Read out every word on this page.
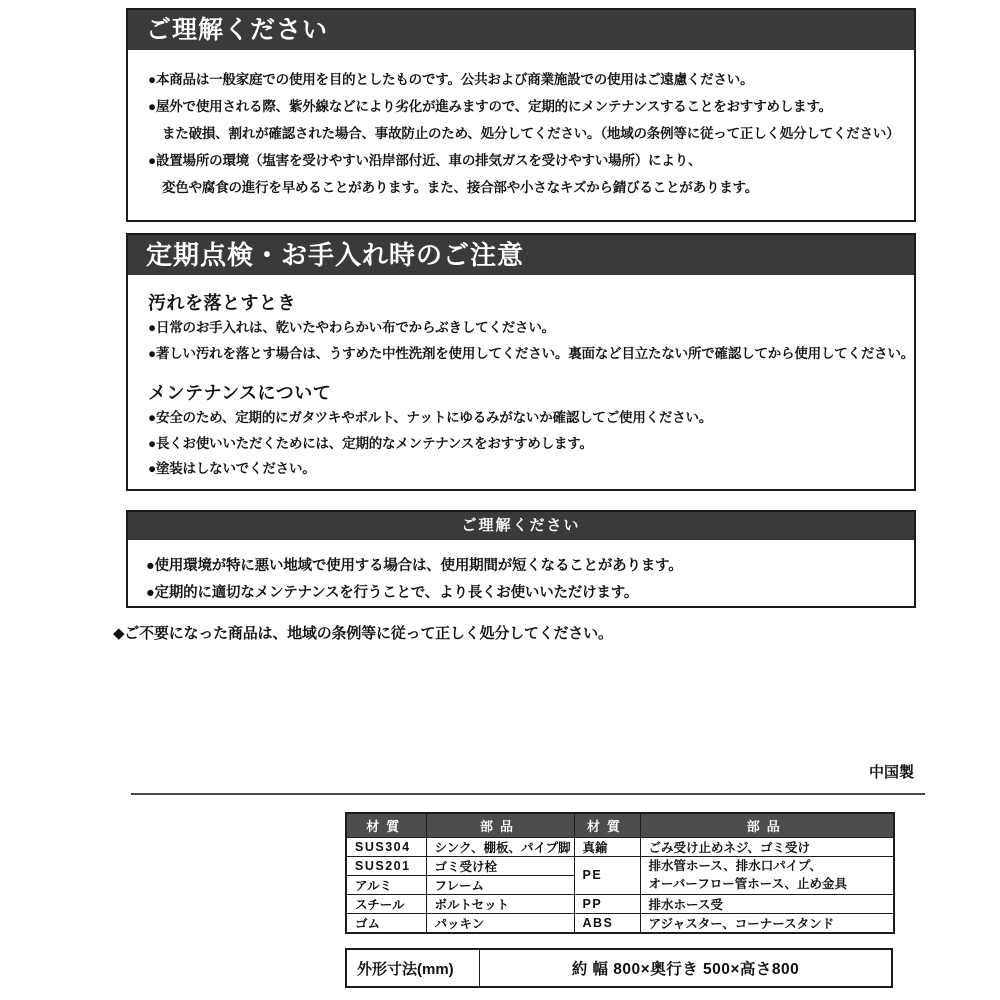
ご理解ください
●本商品は一般家庭での使用を目的としたものです。公共および商業施設での使用はご遠慮ください。
●屋外で使用される際、紫外線などにより劣化が進みますので、定期的にメンテナンスすることをおすすめします。
また破損、割れが確認された場合、事故防止のため、処分してください。（地域の条例等に従って正しく処分してください）
●設置場所の環境（塩害を受けやすい沿岸部付近、車の排気ガスを受けやすい場所）により、
変色や腐食の進行を早めることがあります。また、接合部や小さなキズから錆びることがあります。
定期点検・お手入れ時のご注意
汚れを落とすとき
●日常のお手入れは、乾いたやわらかい布でからぶきしてください。
●著しい汚れを落とす場合は、うすめた中性洗剤を使用してください。裏面など目立たない所で確認してから使用してください。
メンテナンスについて
●安全のため、定期的にガタツキやボルト、ナットにゆるみがないか確認してご使用ください。
●長くお使いいただくためには、定期的なメンテナンスをおすすめします。
●塗装はしないでください。
ご理解ください
●使用環境が特に悪い地域で使用する場合は、使用期間が短くなることがあります。
●定期的に適切なメンテナンスを行うことで、より長くお使いいただけます。
◆ご不要になった商品は、地域の条例等に従って正しく処分してください。
中国製
材質	部品	材質	部品
SUS304	シンク、棚板、パイプ脚	真鍮	ごみ受け止めネジ、ゴミ受け
SUS201	ゴミ受け栓	PE	排水管ホース、排水口パイプ、
オーバーフロー管ホース、止め金具

アルミ	フレーム		
スチール	ボルトセット	PP	排水ホース受
ゴム	パッキン	ABS	アジャスター、コーナースタンド
外形寸法(mm)	約 幅 800×奥行き 500×高さ800
